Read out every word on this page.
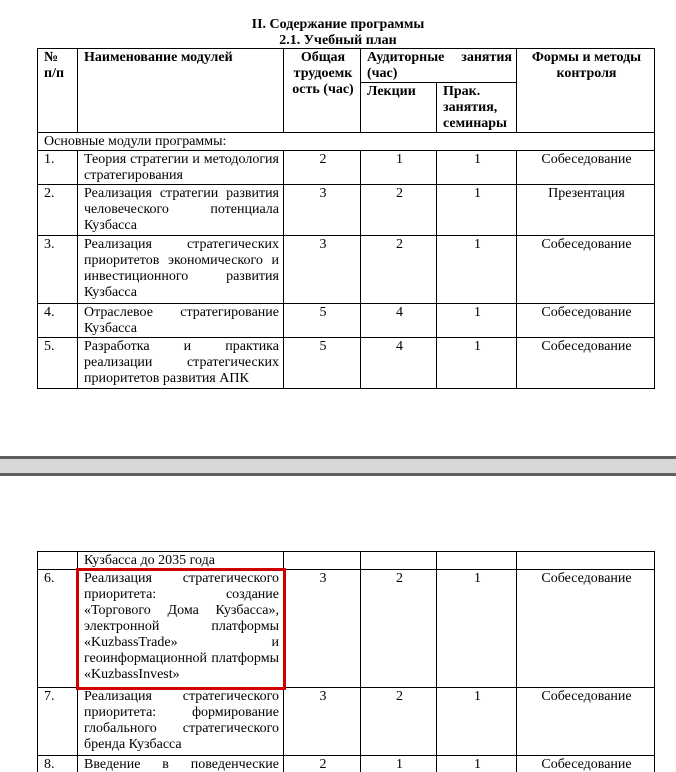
II. Содержание программы
2.1. Учебный план
№ п/п	Наименование модулей	Общая трудоемк ость (час)	Аудиторные занятия (час)		Формы и методы контроля
			Лекции	Прак. занятия, семинары	
Основные модули программы:					
1.	Теория стратегии и методология стратегирования	2	1	1	Собеседование
2.	Реализация стратегии развития человеческого потенциала Кузбасса	3	2	1	Презентация
3.	Реализация стратегических приоритетов экономического и инвестиционного развития Кузбасса	3	2	1	Собеседование
4.	Отраслевое стратегирование Кузбасса	5	4	1	Собеседование
5.	Разработка и практика реализации стратегических приоритетов развития АПК	5	4	1	Собеседование
	Кузбасса до 2035 года				
6.	Реализация стратегического приоритета: создание «Торгового Дома Кузбасса», электронной платформы «KuzbassTrade» и геоинформационной платформы «KuzbassInvest»	3	2	1	Собеседование
7.	Реализация стратегического приоритета: формирование глобального стратегического бренда Кузбасса	3	2	1	Собеседование
8.	Введение в поведенческие	2	1	1	Собеседование
